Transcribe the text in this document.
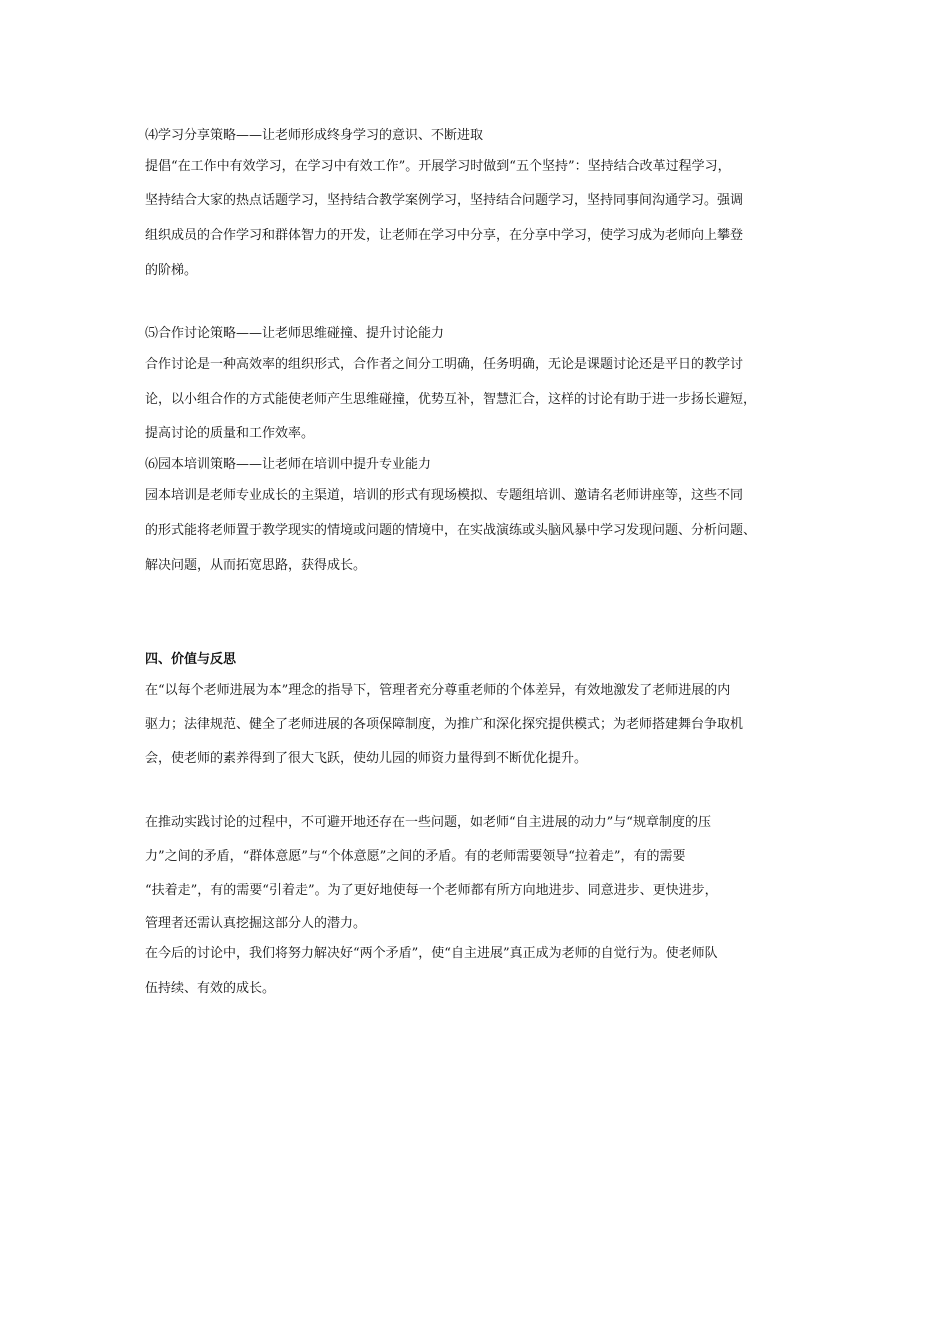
⑷学习分享策略——让老师形成终身学习的意识、不断进取
提倡“在工作中有效学习，在学习中有效工作”。开展学习时做到“五个坚持”：坚持结合改革过程学习，
坚持结合大家的热点话题学习，坚持结合教学案例学习，坚持结合问题学习，坚持同事间沟通学习。强调
组织成员的合作学习和群体智力的开发，让老师在学习中分享，在分享中学习，使学习成为老师向上攀登
的阶梯。
⑸合作讨论策略——让老师思维碰撞、提升讨论能力
合作讨论是一种高效率的组织形式，合作者之间分工明确，任务明确，无论是课题讨论还是平日的教学讨
论，以小组合作的方式能使老师产生思维碰撞，优势互补，智慧汇合，这样的讨论有助于进一步扬长避短，
提高讨论的质量和工作效率。
⑹园本培训策略——让老师在培训中提升专业能力
园本培训是老师专业成长的主渠道，培训的形式有现场模拟、专题组培训、邀请名老师讲座等，这些不同
的形式能将老师置于教学现实的情境或问题的情境中，在实战演练或头脑风暴中学习发现问题、分析问题、
解决问题，从而拓宽思路，获得成长。
四、价值与反思
在“以每个老师进展为本”理念的指导下，管理者充分尊重老师的个体差异，有效地激发了老师进展的内
驱力；法律规范、健全了老师进展的各项保障制度，为推广和深化探究提供模式；为老师搭建舞台争取机
会，使老师的素养得到了很大飞跃，使幼儿园的师资力量得到不断优化提升。
在推动实践讨论的过程中，不可避开地还存在一些问题，如老师“自主进展的动力”与“规章制度的压
力”之间的矛盾，“群体意愿”与“个体意愿”之间的矛盾。有的老师需要领导“拉着走”，有的需要
“扶着走”，有的需要“引着走”。为了更好地使每一个老师都有所方向地进步、同意进步、更快进步，
管理者还需认真挖掘这部分人的潜力。
在今后的讨论中，我们将努力解决好“两个矛盾”，使“自主进展”真正成为老师的自觉行为。使老师队
伍持续、有效的成长。
